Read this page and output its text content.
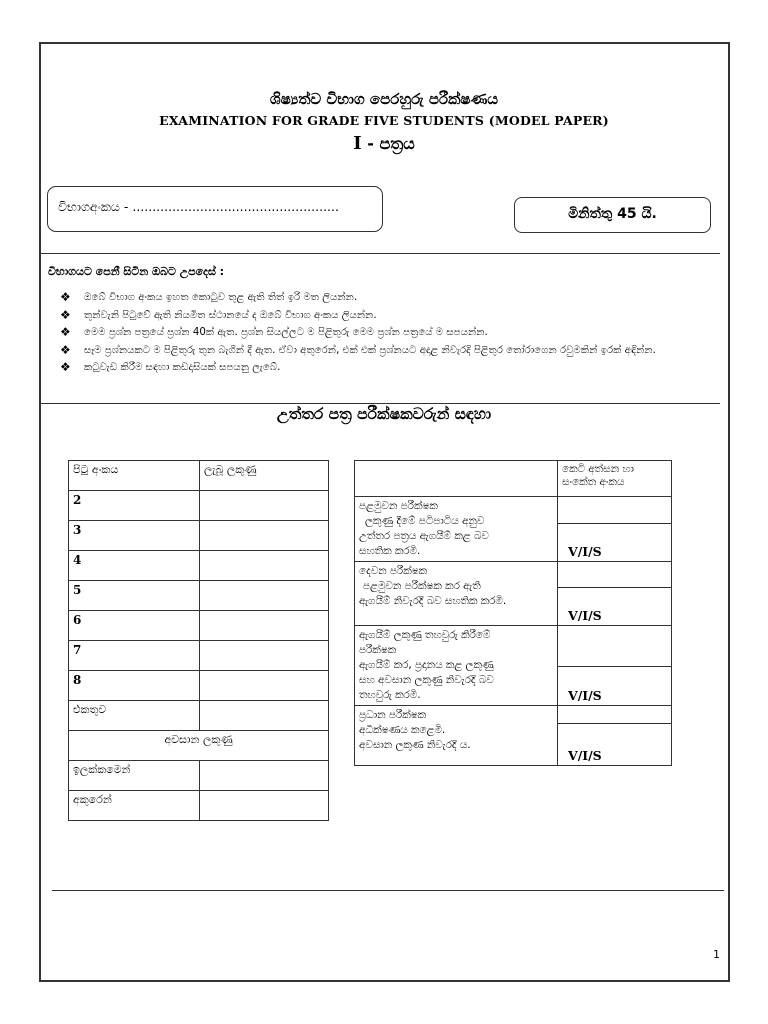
ශිෂ්‍යත්ව විභාග පෙරහුරු පරීක්ෂණය
EXAMINATION FOR GRADE FIVE STUDENTS (MODEL PAPER)
I - පත්‍රය
විභාගඅංකය - ....................................................	මිනිත්තු 45 යි.
විභාගයට පෙනී සිටින ඔබට උපදෙස් :
❖ ඔබේ විභාග අංකය ඉහත කොටුව තුළ ඇති තිත් ඉරි මත ලියන්න.
❖ තුන්වැනි පිටුවේ ඇති නියමිත ස්ථානයේ ද ඔබේ විභාග අංකය ලියන්න.
❖ මෙම ප්‍රශ්න පත්‍රයේ ප්‍රශ්න 40ක් ඇත. ප්‍රශ්න සියල්ලට ම පිළිතුරු මෙම ප්‍රශ්න පත්‍රයේ ම සපයන්න.
❖ සෑම ප්‍රශ්නයකට ම පිළිතුරු තුන බැගින් දී ඇත. ඒවා අතුරෙන්, එක් එක් ප්‍රශ්නයට අදාළ නිවැරදි පිළිතුර තෝරාගෙන රවුමකින් ඉරක් අඳින්න.
❖ කටුවැඩ කිරීම සඳහා කඩදාසියක් සපයනු ලැබේ.
උත්තර පත්‍ර පරීක්ෂකවරුන් සඳහා
පිටු අංකය	ලැබූ ලකුණු
2	
3	
4	
5	
6	
7	
8	
එකතුව	
අවසාන ලකුණු	
ඉලක්කමෙන්	
අකුරෙන්	
	කෙටි අත්සන හා සංකේත අංකය

පළමුවන පරීක්ෂක
ලකුණු දීමේ පටිපාටිය අනුව
උත්තර පත්‍රය ඇගයීම් කළ බව
සහතික කරමි.	

	V/I/S

දෙවන පරීක්ෂක
පළමුවන පරීක්ෂක කර ඇති
ඇගයීම් නිවැරදි බව සහතික කරමි.	

	V/I/S

ඇගයීම් ලකුණු තහවුරු කිරීමේ
පරීක්ෂක
ඇගයීම් කර, ප්‍රදානය කළ ලකුණු
සහ අවසාන ලකුණු නිවැරදි බව
තහවුරු කරමි.	

	V/I/S

ප්‍රධාන පරීක්ෂක
අධීක්ෂණය කළෙමි.
අවසාන ලකුණ නිවැරදි ය.	

	V/I/S
1
